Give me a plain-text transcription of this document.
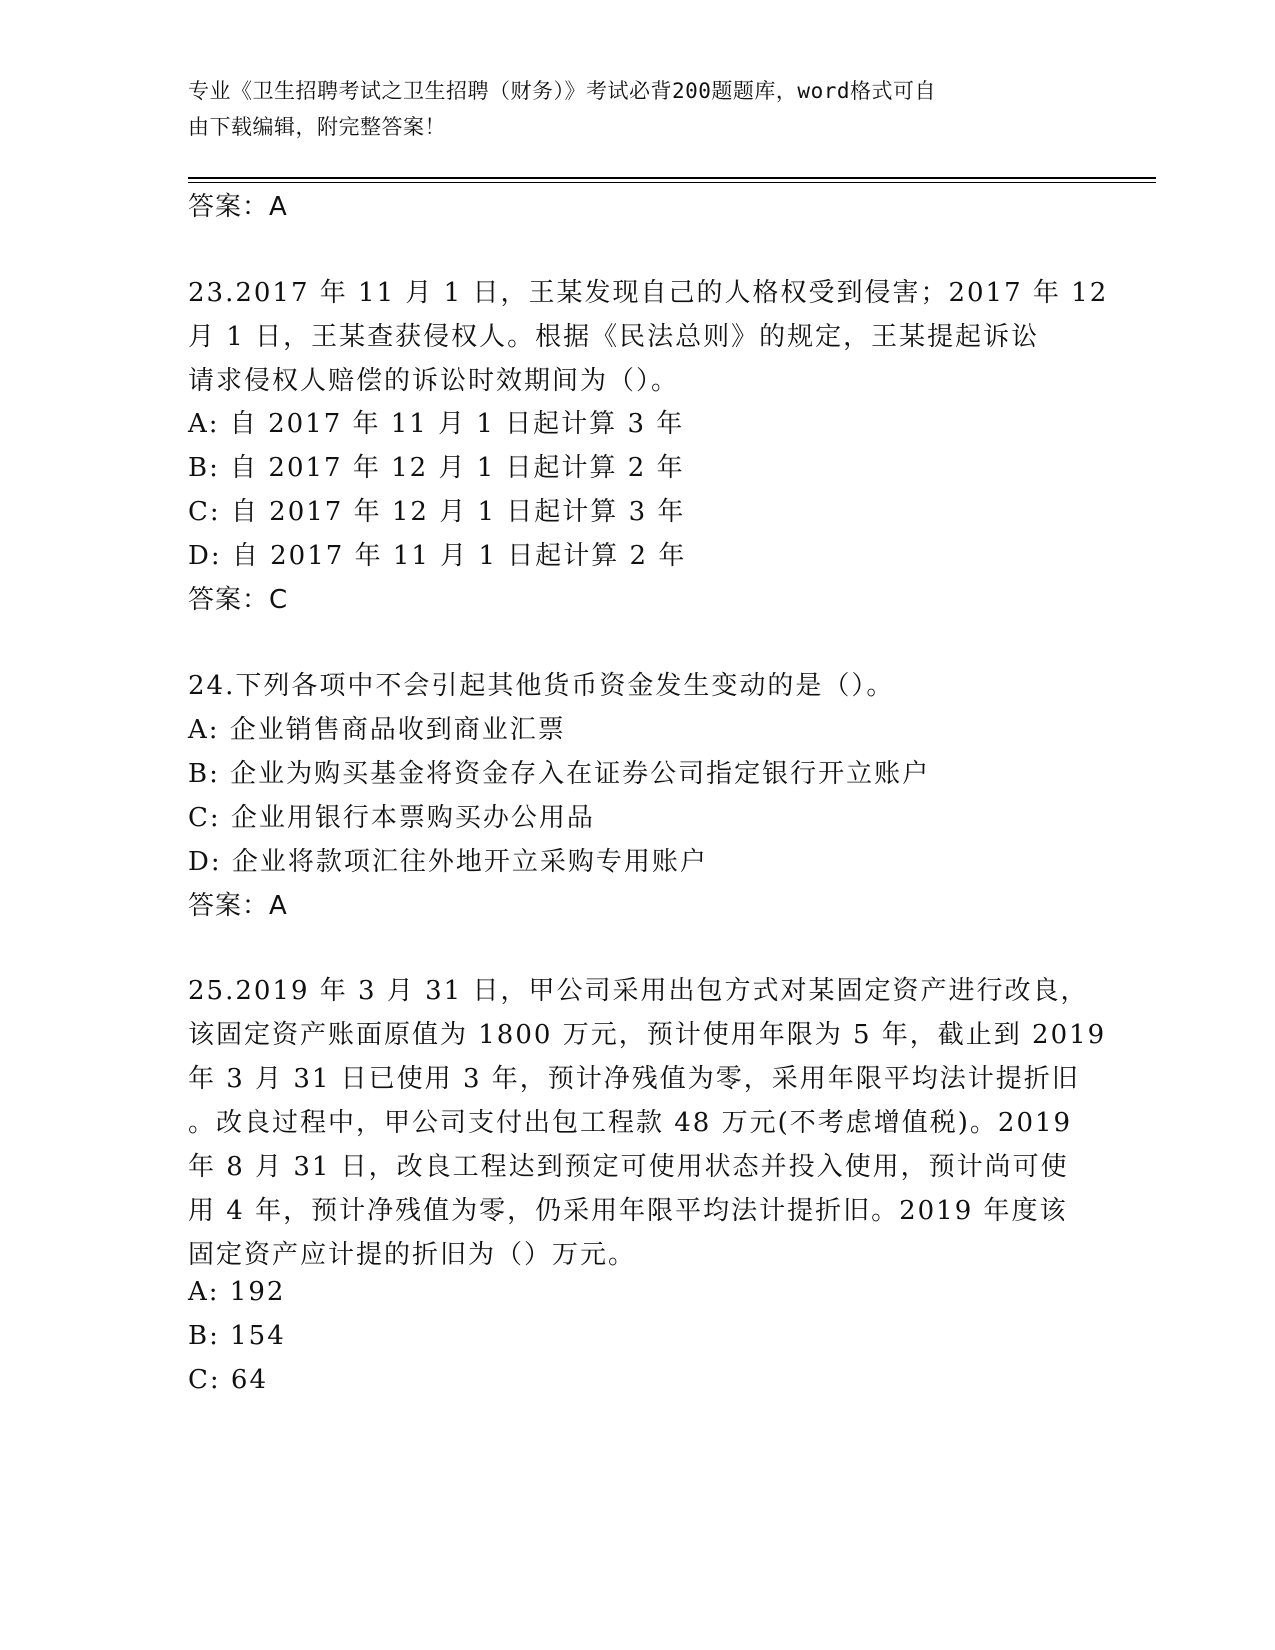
专业《卫生招聘考试之卫生招聘（财务）》考试必背200题题库，word格式可自
由下载编辑，附完整答案！
答案：A
23.2017 年 11 月 1 日，王某发现自己的人格权受到侵害；2017 年 12
月 1 日，王某查获侵权人。根据《民法总则》的规定，王某提起诉讼
请求侵权人赔偿的诉讼时效期间为（）。
A: 自 2017 年 11 月 1 日起计算 3 年
B: 自 2017 年 12 月 1 日起计算 2 年
C: 自 2017 年 12 月 1 日起计算 3 年
D: 自 2017 年 11 月 1 日起计算 2 年
答案：C
24.下列各项中不会引起其他货币资金发生变动的是（）。
A: 企业销售商品收到商业汇票
B: 企业为购买基金将资金存入在证券公司指定银行开立账户
C: 企业用银行本票购买办公用品
D: 企业将款项汇往外地开立采购专用账户
答案：A
25.2019 年 3 月 31 日，甲公司采用出包方式对某固定资产进行改良，
该固定资产账面原值为 1800 万元，预计使用年限为 5 年，截止到 2019
年 3 月 31 日已使用 3 年，预计净残值为零，采用年限平均法计提折旧
。改良过程中，甲公司支付出包工程款 48 万元(不考虑增值税)。2019
年 8 月 31 日，改良工程达到预定可使用状态并投入使用，预计尚可使
用 4 年，预计净残值为零，仍采用年限平均法计提折旧。2019 年度该
固定资产应计提的折旧为（）万元。
A: 192
B: 154
C: 64
